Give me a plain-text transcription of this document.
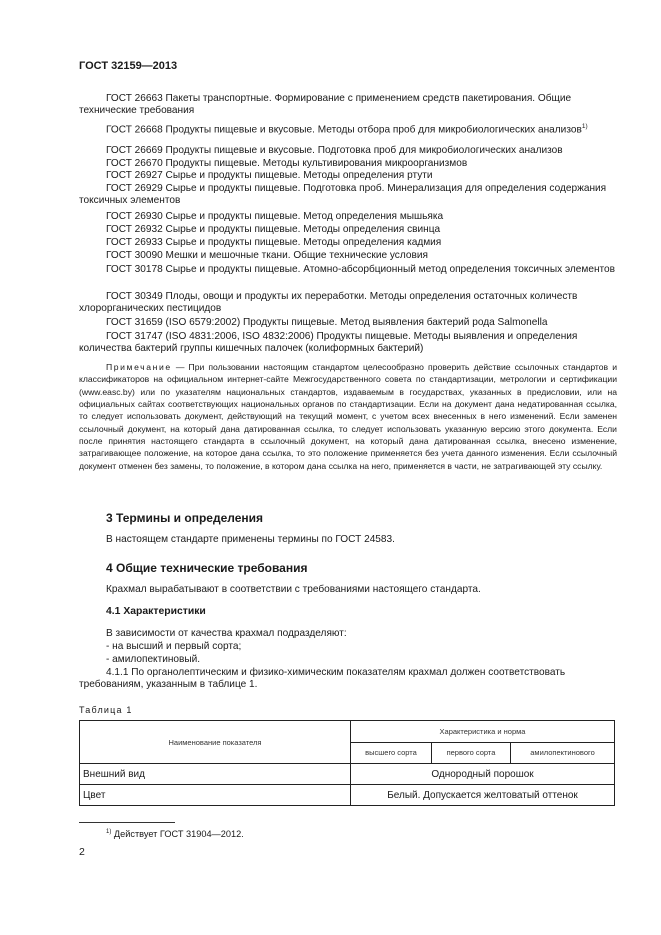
ГОСТ 32159—2013

ГОСТ 26663 Пакеты транспортные. Формирование с применением средств пакетирования. Общие технические требования

ГОСТ 26668 Продукты пищевые и вкусовые. Методы отбора проб для микробиологических анализов$^{1)}$

ГОСТ 26669 Продукты пищевые и вкусовые. Подготовка проб для микробиологических анализов

ГОСТ 26670 Продукты пищевые. Методы культивирования микроорганизмов

ГОСТ 26927 Сырье и продукты пищевые. Методы определения ртути

ГОСТ 26929 Сырье и продукты пищевые. Подготовка проб. Минерализация для определения содержания токсичных элементов

ГОСТ 26930 Сырье и продукты пищевые. Метод определения мышьяка

ГОСТ 26932 Сырье и продукты пищевые. Методы определения свинца

ГОСТ 26933 Сырье и продукты пищевые. Методы определения кадмия

ГОСТ 30090 Мешки и мешочные ткани. Общие технические условия

ГОСТ 30178 Сырье и продукты пищевые. Атомно-абсорбционный метод определения токсичных элементов

ГОСТ 30349 Плоды, овощи и продукты их переработки. Методы определения остаточных количеств хлорорганических пестицидов

ГОСТ 31659 (ISO 6579:2002) Продукты пищевые. Метод выявления бактерий рода Salmonella

ГОСТ 31747 (ISO 4831:2006, ISO 4832:2006) Продукты пищевые. Методы выявления и определения количества бактерий группы кишечных палочек (колиформных бактерий)

Примечание — При пользовании настоящим стандартом целесообразно проверить действие ссылочных стандартов и классификаторов на официальном интернет-сайте Межгосударственного совета по стандартизации, метрологии и сертификации (www.easc.by) или по указателям национальных стандартов, издаваемым в государствах, указанных в предисловии, или на официальных сайтах соответствующих национальных органов по стандартизации. Если на документ дана недатированная ссылка, то следует использовать документ, действующий на текущий момент, с учетом всех внесенных в него изменений. Если заменен ссылочный документ, на который дана датированная ссылка, то следует использовать указанную версию этого документа. Если после принятия настоящего стандарта в ссылочный документ, на который дана датированная ссылка, внесено изменение, затрагивающее положение, на которое дана ссылка, то это положение применяется без учета данного изменения. Если ссылочный документ отменен без замены, то положение, в котором дана ссылка на него, применяется в части, не затрагивающей эту ссылку.

3 Термины и определения

В настоящем стандарте применены термины по ГОСТ 24583.

4 Общие технические требования

Крахмал вырабатывают в соответствии с требованиями настоящего стандарта.

4.1 Характеристики

В зависимости от качества крахмал подразделяют:

- на высший и первый сорта;

- амилопектиновый.

4.1.1 По органолептическим и физико-химическим показателям крахмал должен соответствовать требованиям, указанным в таблице 1.

Таблица 1
Наименование показателя	Характеристика и норма		
	высшего сорта	первого сорта	амилопектинового
Внешний вид	Однородный порошок		
Цвет	Белый. Допускается желтоватый оттенок		
$^{1)}$ Действует ГОСТ 31904—2012.
2
